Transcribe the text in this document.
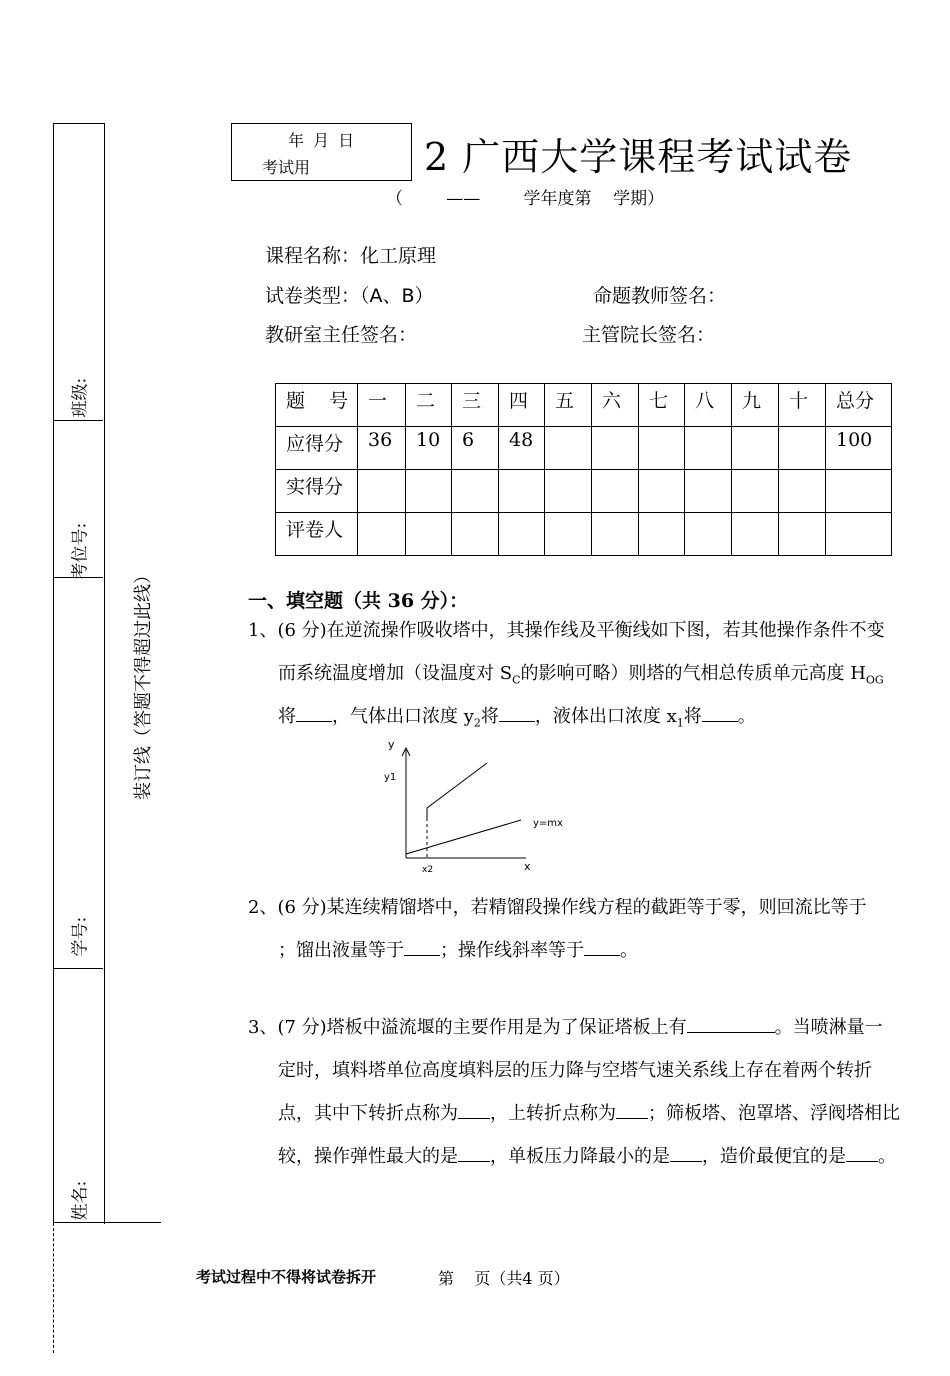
班级:
考位号:
学号:
姓名:
装订线（答题不得超过此线）
年 月 日
考试用	2 广西大学课程考试试卷
（        ——        学年度第    学期）
课程名称：化工原理
试卷类型：（A、B）	命题教师签名：
教研室主任签名：	主管院长签名：
题    号	一	二	三	四	五	六	七	八	九	十	总分
应得分	36	10	6	48							100
实得分											
评卷人											
一、填空题（共 36 分）：
1、(6 分)在逆流操作吸收塔中，其操作线及平衡线如下图，若其他操作条件不变
而系统温度增加（设温度对 $S_C$的影响可略）则塔的气相总传质单元高度 $H_{OG}$
将 ，气体出口浓度 $y_2$将 ，液体出口浓度 $x_1$将 。
y
y1
x
x2
y=mx
2、(6 分)某连续精馏塔中，若精馏段操作线方程的截距等于零，则回流比等于
；馏出液量等于 ；操作线斜率等于 。
3、(7 分)塔板中溢流堰的主要作用是为了保证塔板上有	。当喷淋量一
定时，填料塔单位高度填料层的压力降与空塔气速关系线上存在着两个转折
点，其中下转折点称为 ，上转折点称为 ；筛板塔、泡罩塔、浮阀塔相比
较，操作弹性最大的是 ，单板压力降最小的是 ，造价最便宜的是 。
考试过程中不得将试卷拆开	第    页（共4 页）
